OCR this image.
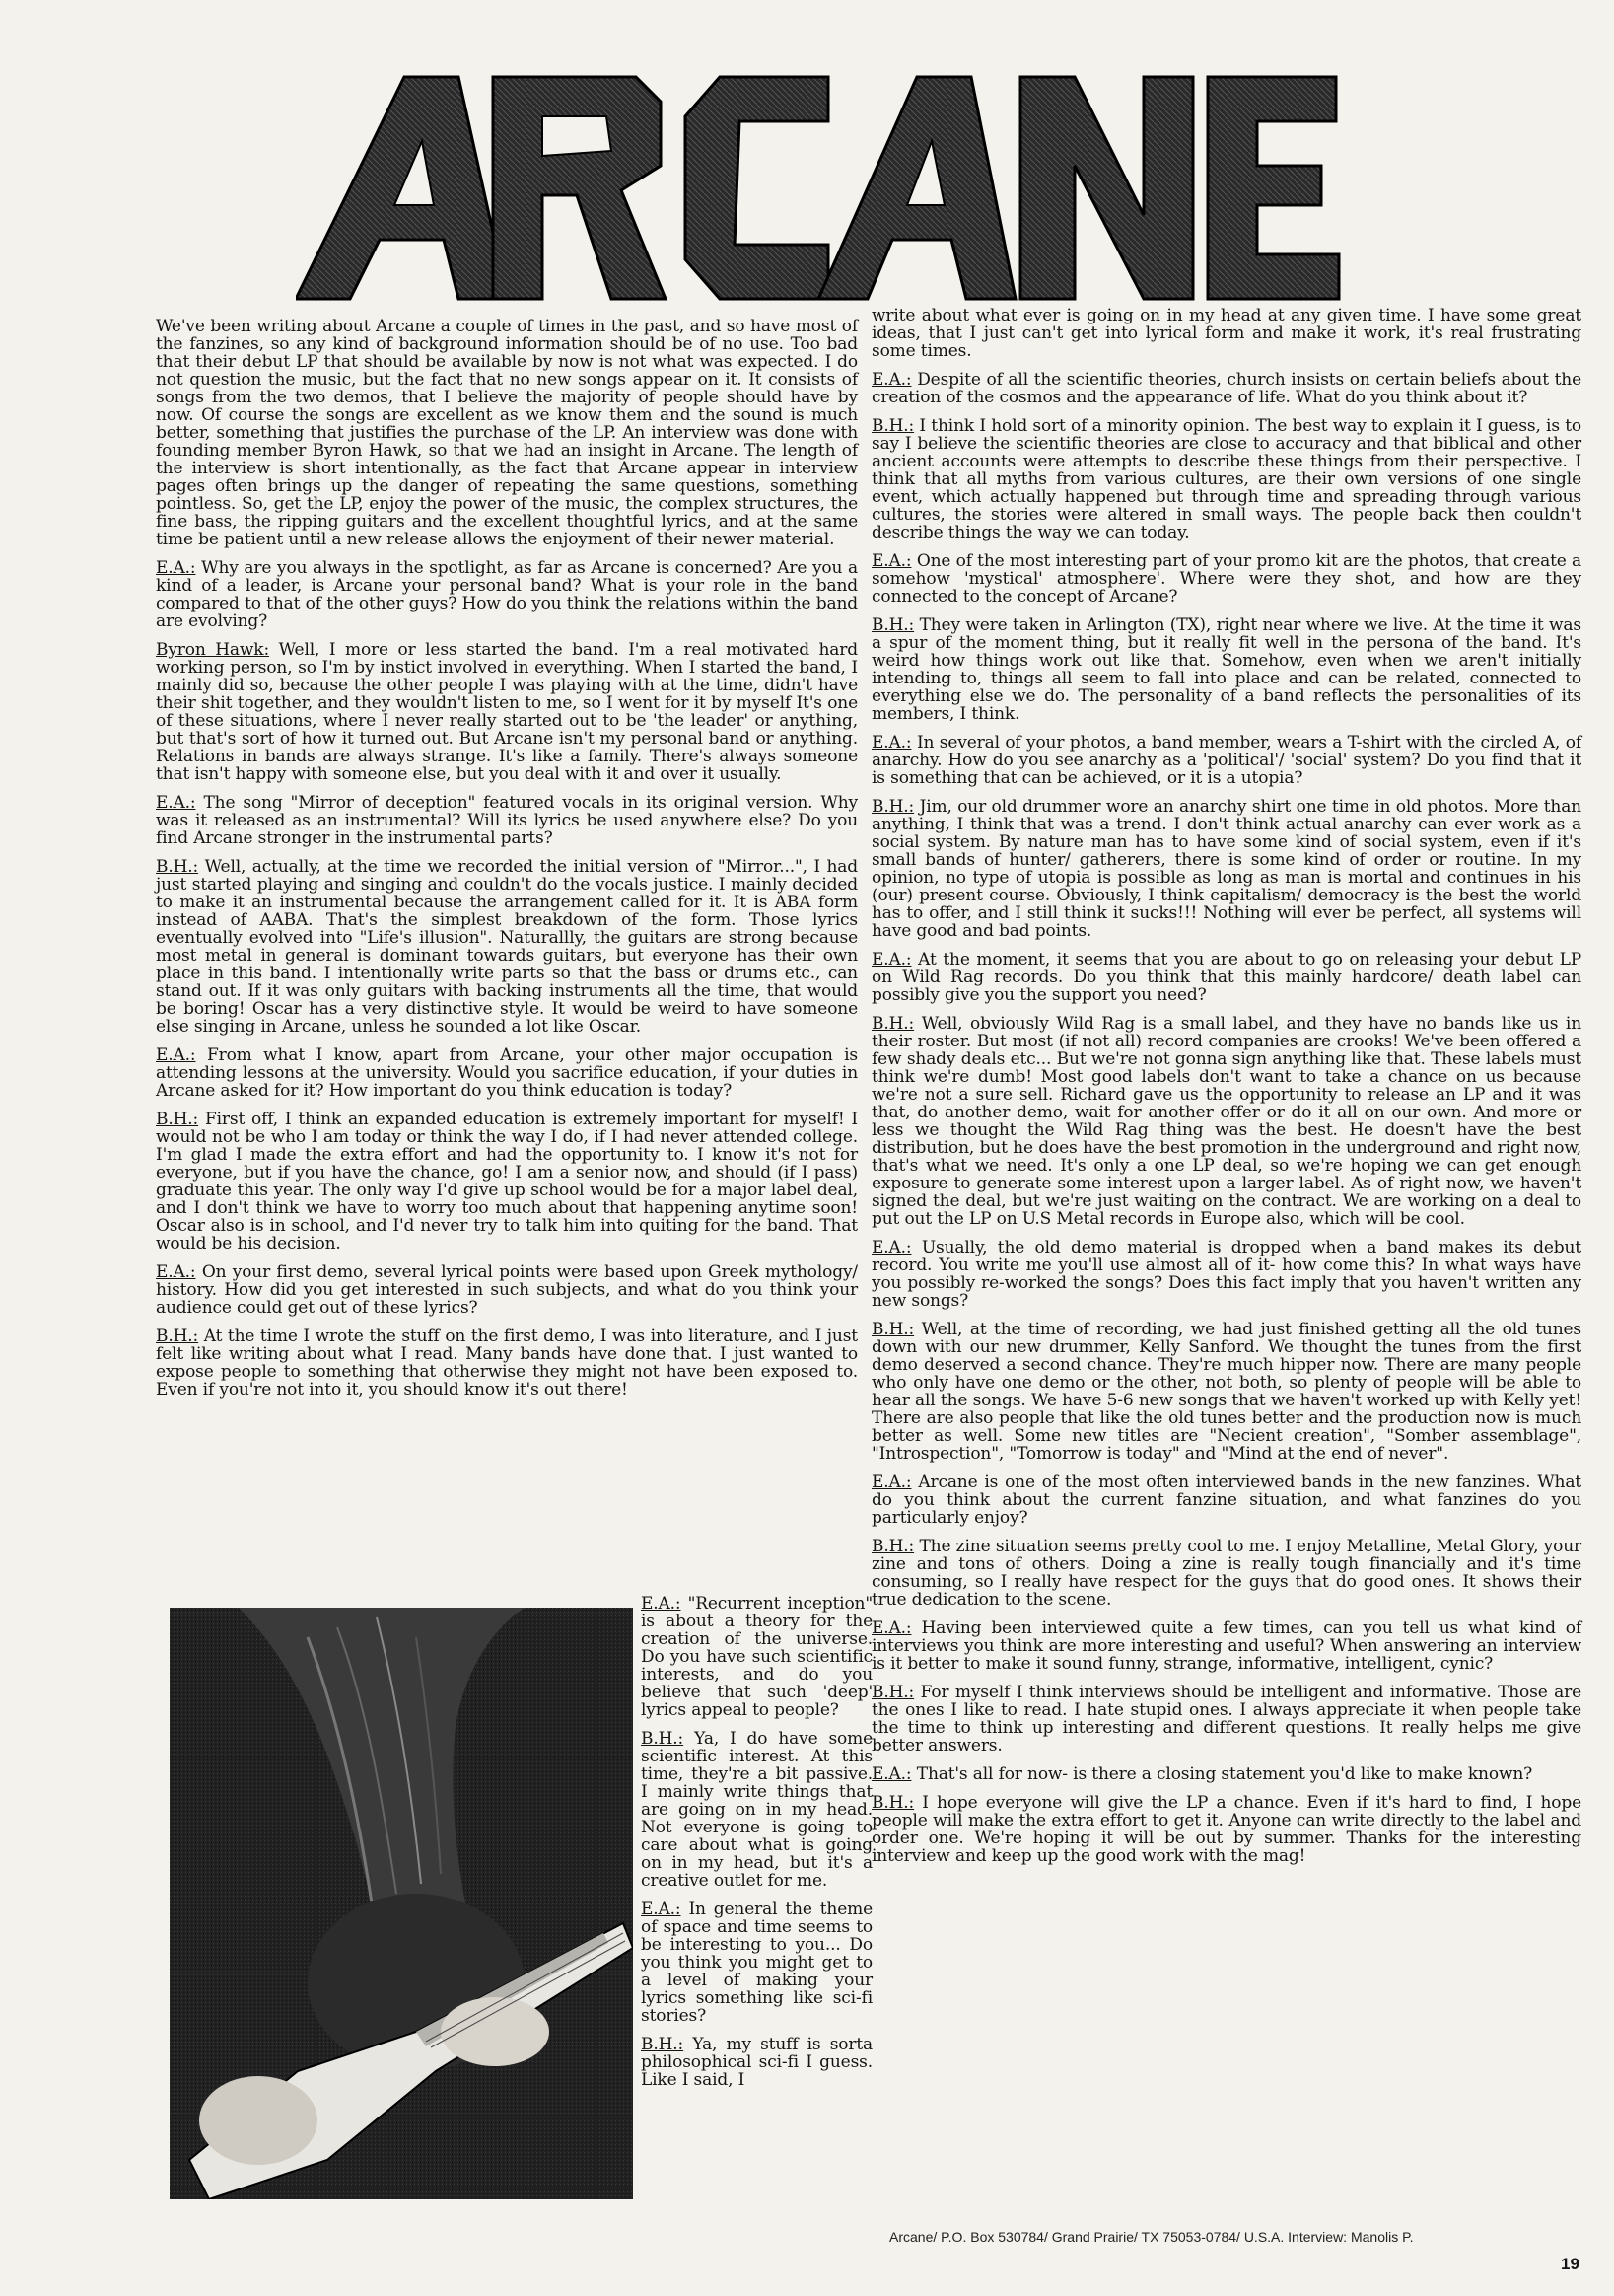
We've been writing about Arcane a couple of times in the past, and so have most of the fanzines, so any kind of background information should be of no use. Too bad that their debut LP that should be available by now is not what was expected. I do not question the music, but the fact that no new songs appear on it. It consists of songs from the two demos, that I believe the majority of people should have by now. Of course the songs are excellent as we know them and the sound is much better, something that justifies the purchase of the LP. An interview was done with founding member Byron Hawk, so that we had an insight in Arcane. The length of the interview is short intentionally, as the fact that Arcane appear in interview pages often brings up the danger of repeating the same questions, something pointless. So, get the LP, enjoy the power of the music, the complex structures, the fine bass, the ripping guitars and the excellent thoughtful lyrics, and at the same time be patient until a new release allows the enjoyment of their newer material.

E.A.: Why are you always in the spotlight, as far as Arcane is concerned? Are you a kind of a leader, is Arcane your personal band? What is your role in the band compared to that of the other guys? How do you think the relations within the band are evolving?

Byron Hawk: Well, I more or less started the band. I'm a real motivated hard working person, so I'm by instict involved in everything. When I started the band, I mainly did so, because the other people I was playing with at the time, didn't have their shit together, and they wouldn't listen to me, so I went for it by myself It's one of these situations, where I never really started out to be 'the leader' or anything, but that's sort of how it turned out. But Arcane isn't my personal band or anything. Relations in bands are always strange. It's like a family. There's always someone that isn't happy with someone else, but you deal with it and over it usually.

E.A.: The song "Mirror of deception" featured vocals in its original version. Why was it released as an instrumental? Will its lyrics be used anywhere else? Do you find Arcane stronger in the instrumental parts?

B.H.: Well, actually, at the time we recorded the initial version of "Mirror...", I had just started playing and singing and couldn't do the vocals justice. I mainly decided to make it an instrumental because the arrangement called for it. It is ABA form instead of AABA. That's the simplest breakdown of the form. Those lyrics eventually evolved into "Life's illusion". Naturallly, the guitars are strong because most metal in general is dominant towards guitars, but everyone has their own place in this band. I intentionally write parts so that the bass or drums etc., can stand out. If it was only guitars with backing instruments all the time, that would be boring! Oscar has a very distinctive style. It would be weird to have someone else singing in Arcane, unless he sounded a lot like Oscar.

E.A.: From what I know, apart from Arcane, your other major occupation is attending lessons at the university. Would you sacrifice education, if your duties in Arcane asked for it? How important do you think education is today?

B.H.: First off, I think an expanded education is extremely important for myself! I would not be who I am today or think the way I do, if I had never attended college. I'm glad I made the extra effort and had the opportunity to. I know it's not for everyone, but if you have the chance, go! I am a senior now, and should (if I pass) graduate this year. The only way I'd give up school would be for a major label deal, and I don't think we have to worry too much about that happening anytime soon! Oscar also is in school, and I'd never try to talk him into quiting for the band. That would be his decision.

E.A.: On your first demo, several lyrical points were based upon Greek mythology/ history. How did you get interested in such subjects, and what do you think your audience could get out of these lyrics?

B.H.: At the time I wrote the stuff on the first demo, I was into literature, and I just felt like writing about what I read. Many bands have done that. I just wanted to expose people to something that otherwise they might not have been exposed to. Even if you're not into it, you should know it's out there!

E.A.: "Recurrent inception" is about a theory for the creation of the universe. Do you have such scientific interests, and do you believe that such 'deep' lyrics appeal to people?

B.H.: Ya, I do have some scientific interest. At this time, they're a bit passive. I mainly write things that are going on in my head. Not everyone is going to care about what is going on in my head, but it's a creative outlet for me.

E.A.: In general the theme of space and time seems to be interesting to you... Do you think you might get to a level of making your lyrics something like sci-fi stories?

B.H.: Ya, my stuff is sorta philosophical sci-fi I guess. Like I said, I

write about what ever is going on in my head at any given time. I have some great ideas, that I just can't get into lyrical form and make it work, it's real frustrating some times.

E.A.: Despite of all the scientific theories, church insists on certain beliefs about the creation of the cosmos and the appearance of life. What do you think about it?

B.H.: I think I hold sort of a minority opinion. The best way to explain it I guess, is to say I believe the scientific theories are close to accuracy and that biblical and other ancient accounts were attempts to describe these things from their perspective. I think that all myths from various cultures, are their own versions of one single event, which actually happened but through time and spreading through various cultures, the stories were altered in small ways. The people back then couldn't describe things the way we can today.

E.A.: One of the most interesting part of your promo kit are the photos, that create a somehow 'mystical' atmosphere'. Where were they shot, and how are they connected to the concept of Arcane?

B.H.: They were taken in Arlington (TX), right near where we live. At the time it was a spur of the moment thing, but it really fit well in the persona of the band. It's weird how things work out like that. Somehow, even when we aren't initially intending to, things all seem to fall into place and can be related, connected to everything else we do. The personality of a band reflects the personalities of its members, I think.

E.A.: In several of your photos, a band member, wears a T-shirt with the circled A, of anarchy. How do you see anarchy as a 'political'/ 'social' system? Do you find that it is something that can be achieved, or it is a utopia?

B.H.: Jim, our old drummer wore an anarchy shirt one time in old photos. More than anything, I think that was a trend. I don't think actual anarchy can ever work as a social system. By nature man has to have some kind of social system, even if it's small bands of hunter/ gatherers, there is some kind of order or routine. In my opinion, no type of utopia is possible as long as man is mortal and continues in his (our) present course. Obviously, I think capitalism/ democracy is the best the world has to offer, and I still think it sucks!!! Nothing will ever be perfect, all systems will have good and bad points.

E.A.: At the moment, it seems that you are about to go on releasing your debut LP on Wild Rag records. Do you think that this mainly hardcore/ death label can possibly give you the support you need?

B.H.: Well, obviously Wild Rag is a small label, and they have no bands like us in their roster. But most (if not all) record companies are crooks! We've been offered a few shady deals etc... But we're not gonna sign anything like that. These labels must think we're dumb! Most good labels don't want to take a chance on us because we're not a sure sell. Richard gave us the opportunity to release an LP and it was that, do another demo, wait for another offer or do it all on our own. And more or less we thought the Wild Rag thing was the best. He doesn't have the best distribution, but he does have the best promotion in the underground and right now, that's what we need. It's only a one LP deal, so we're hoping we can get enough exposure to generate some interest upon a larger label. As of right now, we haven't signed the deal, but we're just waiting on the contract. We are working on a deal to put out the LP on U.S Metal records in Europe also, which will be cool.

E.A.: Usually, the old demo material is dropped when a band makes its debut record. You write me you'll use almost all of it- how come this? In what ways have you possibly re-worked the songs? Does this fact imply that you haven't written any new songs?

B.H.: Well, at the time of recording, we had just finished getting all the old tunes down with our new drummer, Kelly Sanford. We thought the tunes from the first demo deserved a second chance. They're much hipper now. There are many people who only have one demo or the other, not both, so plenty of people will be able to hear all the songs. We have 5-6 new songs that we haven't worked up with Kelly yet! There are also people that like the old tunes better and the production now is much better as well. Some new titles are "Necient creation", "Somber assemblage", "Introspection", "Tomorrow is today" and "Mind at the end of never".

E.A.: Arcane is one of the most often interviewed bands in the new fanzines. What do you think about the current fanzine situation, and what fanzines do you particularly enjoy?

B.H.: The zine situation seems pretty cool to me. I enjoy Metalline, Metal Glory, your zine and tons of others. Doing a zine is really tough financially and it's time consuming, so I really have respect for the guys that do good ones. It shows their true dedication to the scene.

E.A.: Having been interviewed quite a few times, can you tell us what kind of interviews you think are more interesting and useful? When answering an interview is it better to make it sound funny, strange, informative, intelligent, cynic?

B.H.: For myself I think interviews should be intelligent and informative. Those are the ones I like to read. I hate stupid ones. I always appreciate it when people take the time to think up interesting and different questions. It really helps me give better answers.

E.A.: That's all for now- is there a closing statement you'd like to make known?

B.H.: I hope everyone will give the LP a chance. Even if it's hard to find, I hope people will make the extra effort to get it. Anyone can write directly to the label and order one. We're hoping it will be out by summer. Thanks for the interesting interview and keep up the good work with the mag!

Arcane/ P.O. Box 530784/ Grand Prairie/ TX 75053-0784/ U.S.A. Interview: Manolis P.
19
